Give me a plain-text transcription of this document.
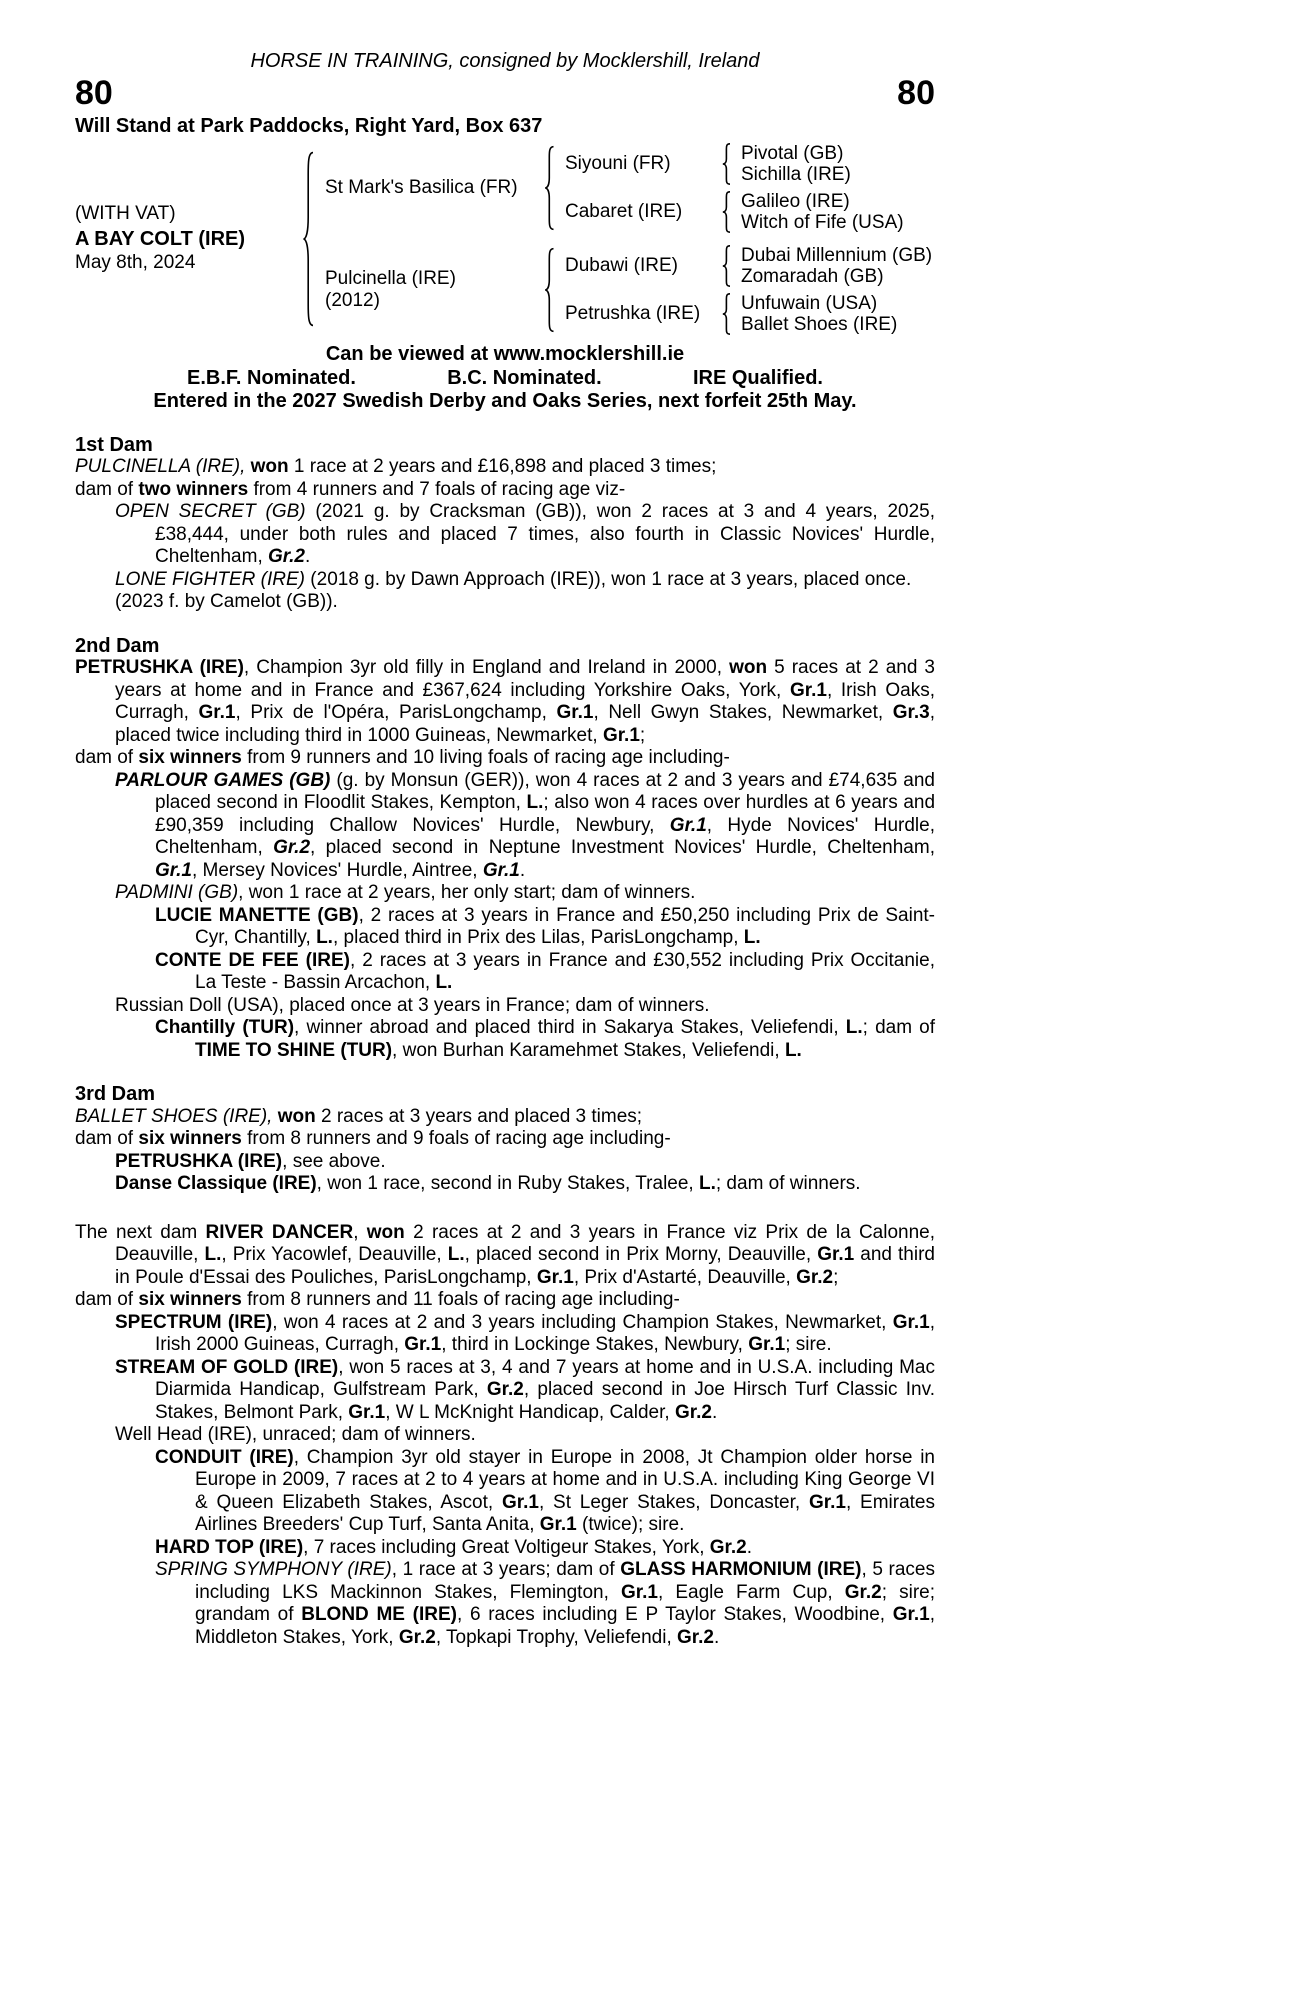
HORSE IN TRAINING, consigned by Mocklershill, Ireland
80	80
Will Stand at Park Paddocks, Right Yard, Box 637
(WITH VAT)
A BAY COLT (IRE)
May 8th, 2024
St Mark's Basilica (FR)
Siyouni (FR)	Pivotal (GB)
Sichilla (IRE)
Cabaret (IRE)	Galileo (IRE)
Witch of Fife (USA)
Pulcinella (IRE)
(2012)
Dubawi (IRE)	Dubai Millennium (GB)
Zomaradah (GB)
Petrushka (IRE)	Unfuwain (USA)
Ballet Shoes (IRE)
Can be viewed at www.mocklershill.ie
E.B.F. Nominated.	B.C. Nominated.	IRE Qualified.
Entered in the 2027 Swedish Derby and Oaks Series, next forfeit 25th May.
1st Dam
PULCINELLA (IRE), won 1 race at 2 years and £16,898 and placed 3 times;
dam of two winners from 4 runners and 7 foals of racing age viz-
OPEN SECRET (GB) (2021 g. by Cracksman (GB)), won 2 races at 3 and 4 years, 2025, £38,444, under both rules and placed 7 times, also fourth in Classic Novices' Hurdle, Cheltenham, Gr.2.
LONE FIGHTER (IRE) (2018 g. by Dawn Approach (IRE)), won 1 race at 3 years, placed once.
(2023 f. by Camelot (GB)).
2nd Dam
PETRUSHKA (IRE), Champion 3yr old filly in England and Ireland in 2000, won 5 races at 2 and 3 years at home and in France and £367,624 including Yorkshire Oaks, York, Gr.1, Irish Oaks, Curragh, Gr.1, Prix de l'Opéra, ParisLongchamp, Gr.1, Nell Gwyn Stakes, Newmarket, Gr.3, placed twice including third in 1000 Guineas, Newmarket, Gr.1;
dam of six winners from 9 runners and 10 living foals of racing age including-
PARLOUR GAMES (GB) (g. by Monsun (GER)), won 4 races at 2 and 3 years and £74,635 and placed second in Floodlit Stakes, Kempton, L.; also won 4 races over hurdles at 6 years and £90,359 including Challow Novices' Hurdle, Newbury, Gr.1, Hyde Novices' Hurdle, Cheltenham, Gr.2, placed second in Neptune Investment Novices' Hurdle, Cheltenham, Gr.1, Mersey Novices' Hurdle, Aintree, Gr.1.
PADMINI (GB), won 1 race at 2 years, her only start; dam of winners.
LUCIE MANETTE (GB), 2 races at 3 years in France and £50,250 including Prix de Saint-Cyr, Chantilly, L., placed third in Prix des Lilas, ParisLongchamp, L.
CONTE DE FEE (IRE), 2 races at 3 years in France and £30,552 including Prix Occitanie, La Teste - Bassin Arcachon, L.
Russian Doll (USA), placed once at 3 years in France; dam of winners.
Chantilly (TUR), winner abroad and placed third in Sakarya Stakes, Veliefendi, L.; dam of TIME TO SHINE (TUR), won Burhan Karamehmet Stakes, Veliefendi, L.
3rd Dam
BALLET SHOES (IRE), won 2 races at 3 years and placed 3 times;
dam of six winners from 8 runners and 9 foals of racing age including-
PETRUSHKA (IRE), see above.
Danse Classique (IRE), won 1 race, second in Ruby Stakes, Tralee, L.; dam of winners.
The next dam RIVER DANCER, won 2 races at 2 and 3 years in France viz Prix de la Calonne, Deauville, L., Prix Yacowlef, Deauville, L., placed second in Prix Morny, Deauville, Gr.1 and third in Poule d'Essai des Pouliches, ParisLongchamp, Gr.1, Prix d'Astarté, Deauville, Gr.2;
dam of six winners from 8 runners and 11 foals of racing age including-
SPECTRUM (IRE), won 4 races at 2 and 3 years including Champion Stakes, Newmarket, Gr.1, Irish 2000 Guineas, Curragh, Gr.1, third in Lockinge Stakes, Newbury, Gr.1; sire.
STREAM OF GOLD (IRE), won 5 races at 3, 4 and 7 years at home and in U.S.A. including Mac Diarmida Handicap, Gulfstream Park, Gr.2, placed second in Joe Hirsch Turf Classic Inv. Stakes, Belmont Park, Gr.1, W L McKnight Handicap, Calder, Gr.2.
Well Head (IRE), unraced; dam of winners.
CONDUIT (IRE), Champion 3yr old stayer in Europe in 2008, Jt Champion older horse in Europe in 2009, 7 races at 2 to 4 years at home and in U.S.A. including King George VI & Queen Elizabeth Stakes, Ascot, Gr.1, St Leger Stakes, Doncaster, Gr.1, Emirates Airlines Breeders' Cup Turf, Santa Anita, Gr.1 (twice); sire.
HARD TOP (IRE), 7 races including Great Voltigeur Stakes, York, Gr.2.
SPRING SYMPHONY (IRE), 1 race at 3 years; dam of GLASS HARMONIUM (IRE), 5 races including LKS Mackinnon Stakes, Flemington, Gr.1, Eagle Farm Cup, Gr.2; sire; grandam of BLOND ME (IRE), 6 races including E P Taylor Stakes, Woodbine, Gr.1, Middleton Stakes, York, Gr.2, Topkapi Trophy, Veliefendi, Gr.2.
